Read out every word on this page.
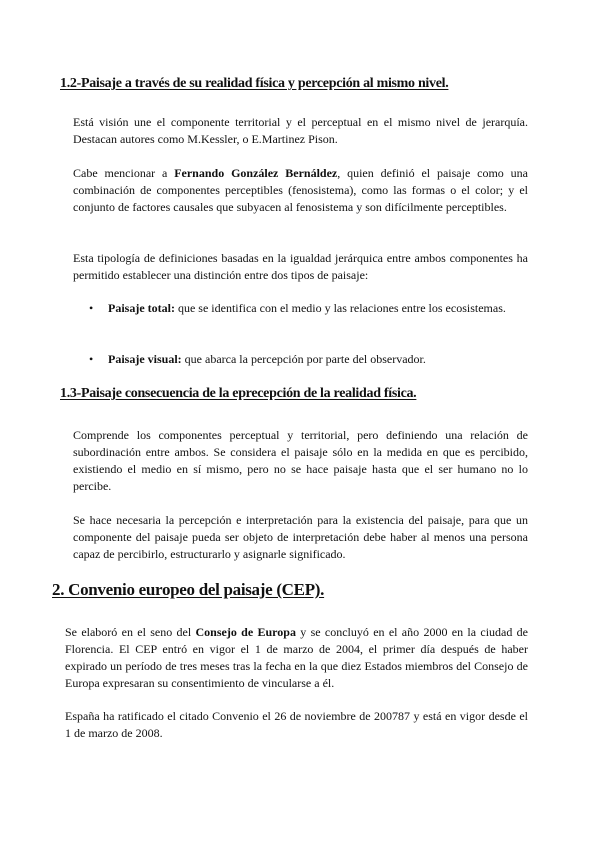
1.2-Paisaje a través de su realidad física y percepción al mismo nivel.

Está visión une el componente territorial y el perceptual en el mismo nivel de jerarquía. Destacan autores como M.Kessler, o E.Martinez Pison.

Cabe mencionar a Fernando González Bernáldez, quien definió el paisaje como una combinación de componentes perceptibles (fenosistema), como las formas o el color; y el conjunto de factores causales que subyacen al fenosistema y son difícilmente perceptibles.

Esta tipología de definiciones basadas en la igualdad jerárquica entre ambos componentes ha permitido establecer una distinción entre dos tipos de paisaje:

• Paisaje total: que se identifica con el medio y las relaciones entre los ecosistemas.

• Paisaje visual: que abarca la percepción por parte del observador.

1.3-Paisaje consecuencia de la eprecepción de la realidad física.

Comprende los componentes perceptual y territorial, pero definiendo una relación de subordinación entre ambos. Se considera el paisaje sólo en la medida en que es percibido, existiendo el medio en sí mismo, pero no se hace paisaje hasta que el ser humano no lo percibe.

Se hace necesaria la percepción e interpretación para la existencia del paisaje, para que un componente del paisaje pueda ser objeto de interpretación debe haber al menos una persona capaz de percibirlo, estructurarlo y asignarle significado.

2. Convenio europeo del paisaje (CEP).

Se elaboró en el seno del Consejo de Europa y se concluyó en el año 2000 en la ciudad de Florencia. El CEP entró en vigor el 1 de marzo de 2004, el primer día después de haber expirado un período de tres meses tras la fecha en la que diez Estados miembros del Consejo de Europa expresaran su consentimiento de vincularse a él.

España ha ratificado el citado Convenio el 26 de noviembre de 200787 y está en vigor desde el 1 de marzo de 2008.
